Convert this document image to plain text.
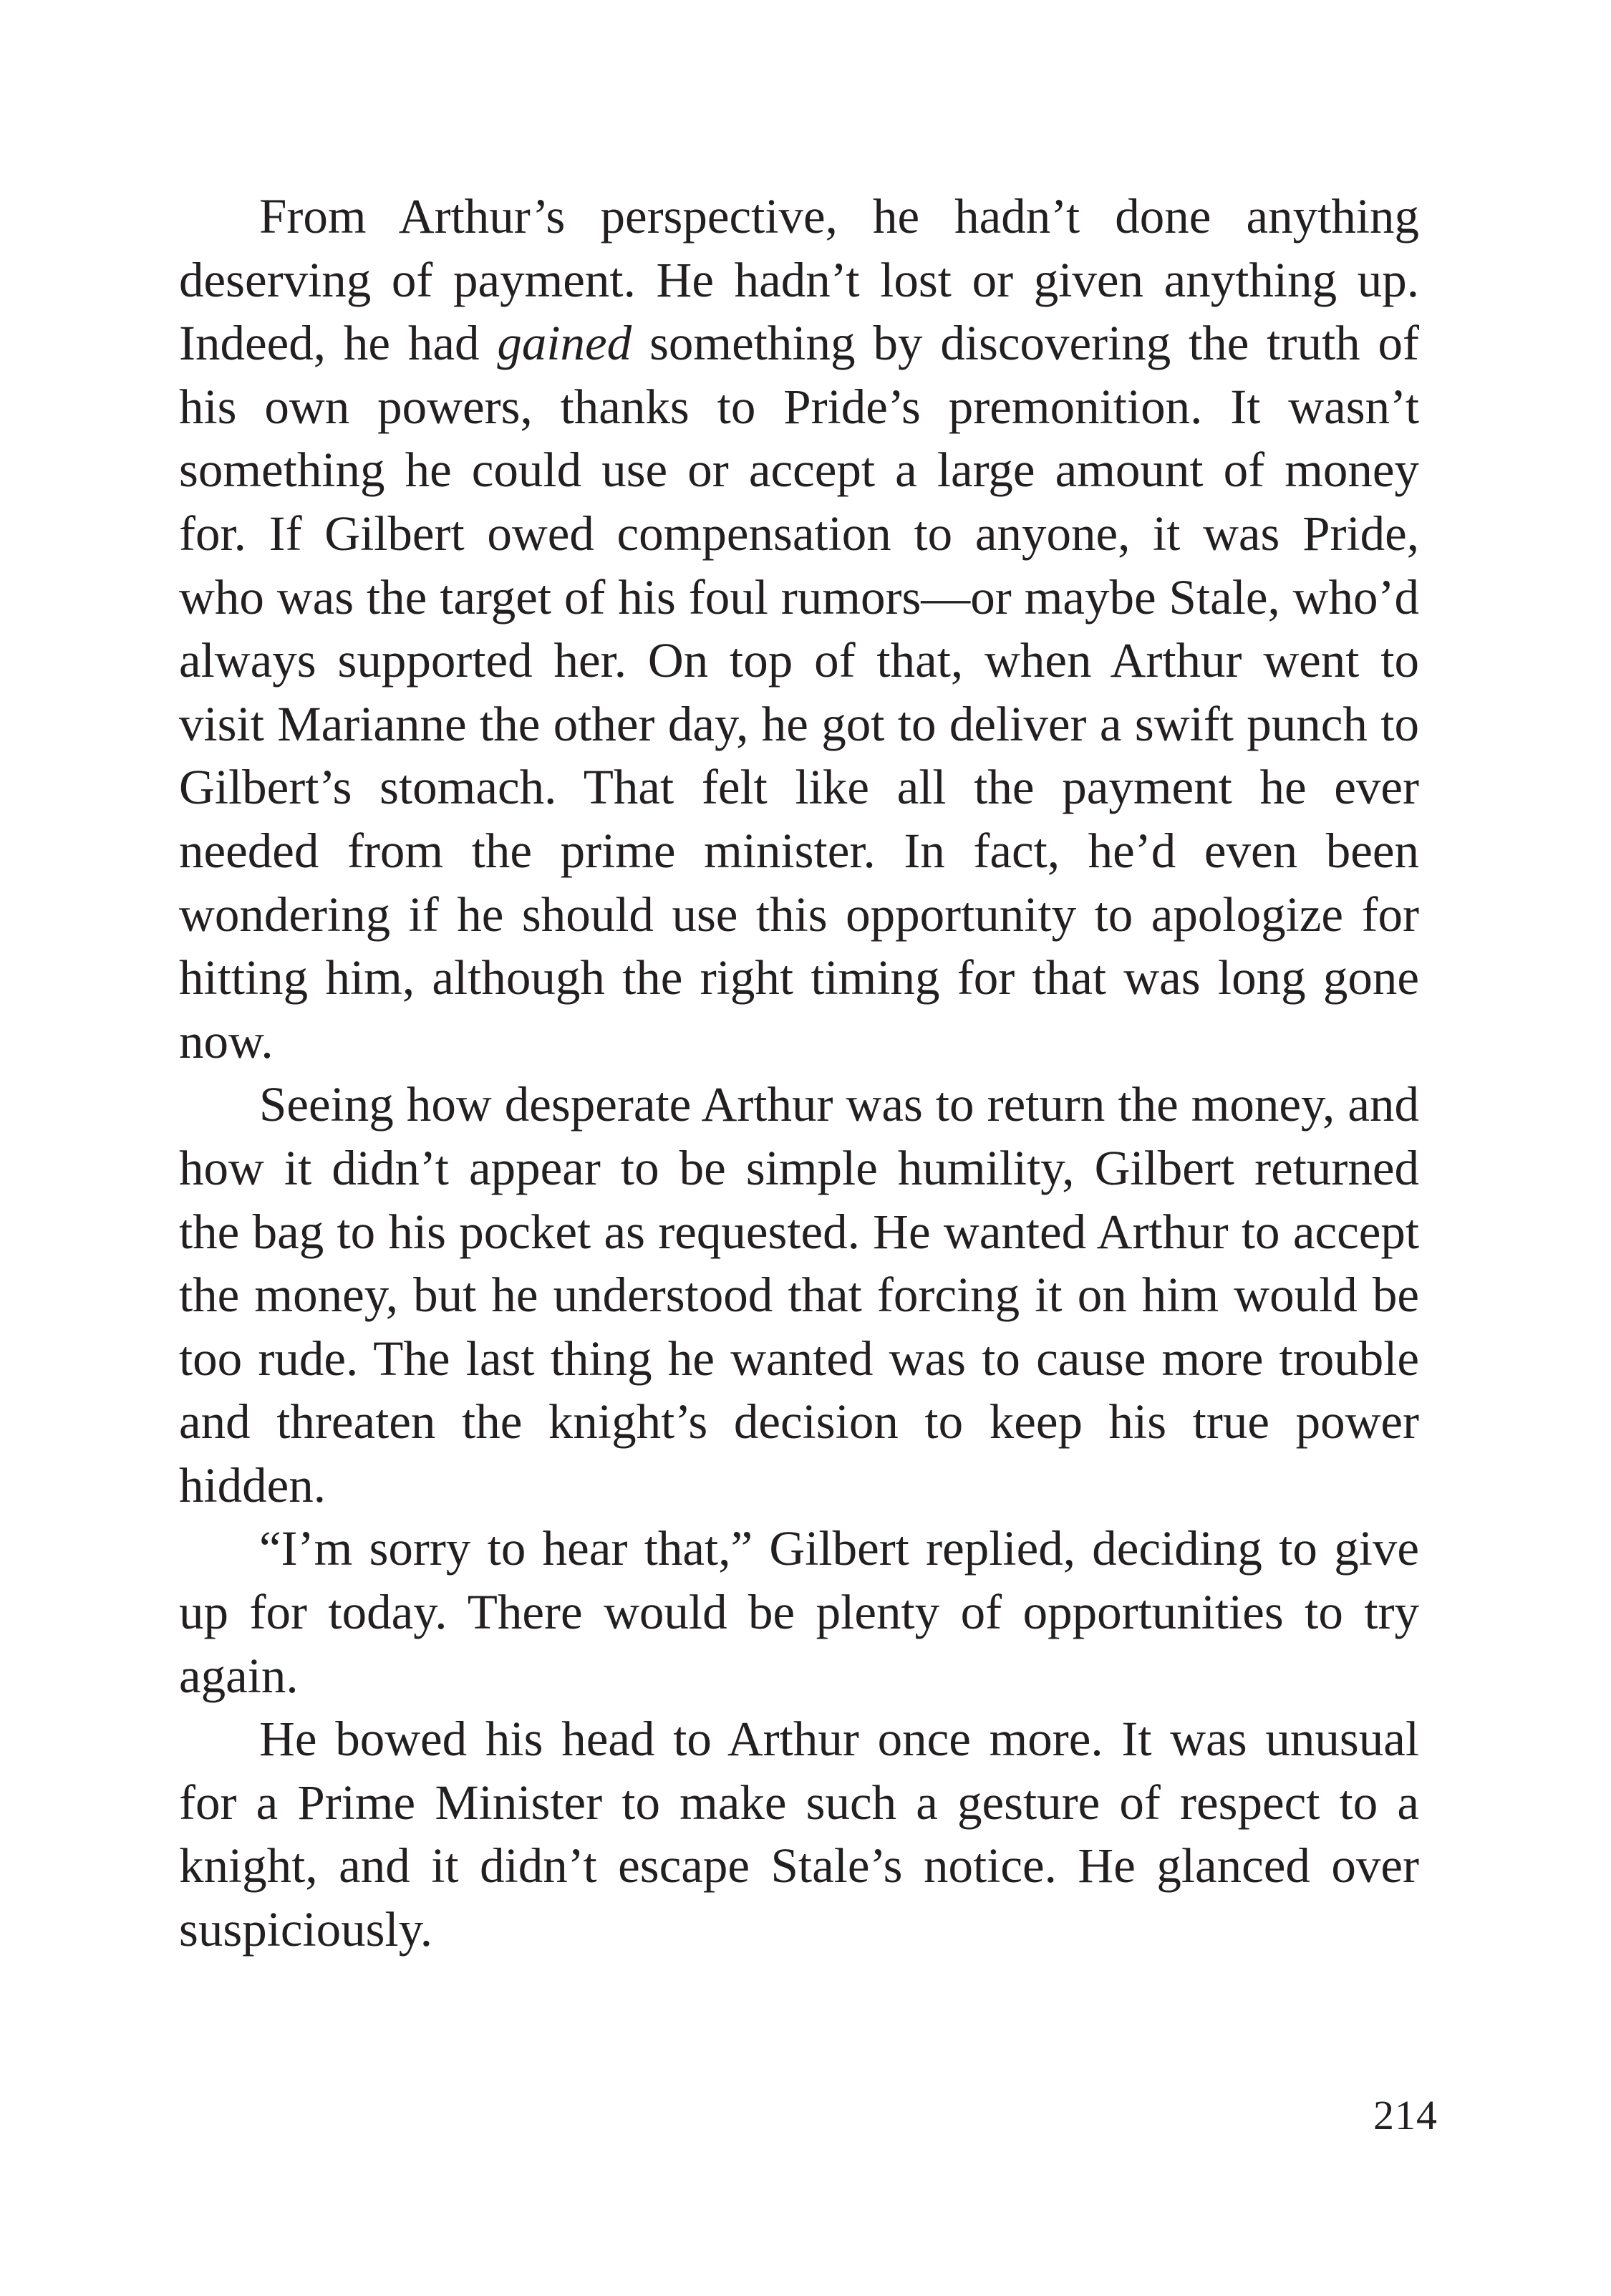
From Arthur’s perspective, he hadn’t done anything deserving of payment. He hadn’t lost or given anything up. Indeed, he had gained something by discovering the truth of his own powers, thanks to Pride’s premonition. It wasn’t something he could use or accept a large amount of money for. If Gilbert owed compensation to anyone, it was Pride, who was the target of his foul rumors—or maybe Stale, who’d always supported her. On top of that, when Arthur went to visit Marianne the other day, he got to deliver a swift punch to Gilbert’s stomach. That felt like all the payment he ever needed from the prime minister. In fact, he’d even been wondering if he should use this opportunity to apologize for hitting him, although the right timing for that was long gone now.

Seeing how desperate Arthur was to return the money, and how it didn’t appear to be simple humility, Gilbert returned the bag to his pocket as requested. He wanted Arthur to accept the money, but he understood that forcing it on him would be too rude. The last thing he wanted was to cause more trouble and threaten the knight’s decision to keep his true power hidden.

“I’m sorry to hear that,” Gilbert replied, deciding to give up for today. There would be plenty of opportunities to try again.

He bowed his head to Arthur once more. It was unusual for a Prime Minister to make such a gesture of respect to a knight, and it didn’t escape Stale’s notice. He glanced over suspiciously.

214
